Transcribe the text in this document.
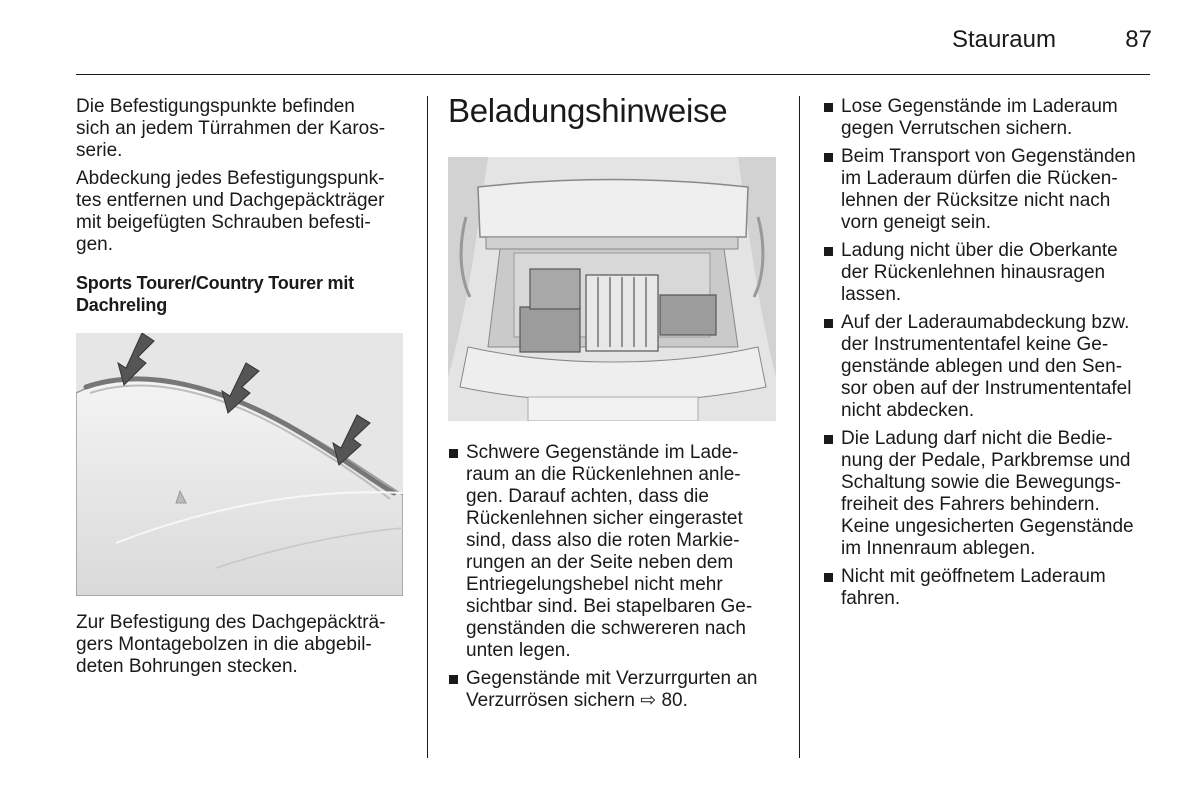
Stauraum	87

Die Befestigungspunkte befinden
sich an jedem Türrahmen der Karos-
serie.

Abdeckung jedes Befestigungspunk-
tes entfernen und Dachgepäckträger
mit beigefügten Schrauben befesti-
gen.

Sports Tourer/Country Tourer mit
Dachreling

Zur Befestigung des Dachgepäckträ-
gers Montagebolzen in die abgebil-
deten Bohrungen stecken.

Beladungshinweise
Schwere Gegenstände im Lade-
raum an die Rückenlehnen anle-
gen. Darauf achten, dass die
Rückenlehnen sicher eingerastet
sind, dass also die roten Markie-
rungen an der Seite neben dem
Entriegelungshebel nicht mehr
sichtbar sind. Bei stapelbaren Ge-
genständen die schwereren nach
unten legen.
Gegenstände mit Verzurrgurten an
Verzurrösen sichern ⇨ 80.
Lose Gegenstände im Laderaum
gegen Verrutschen sichern.
Beim Transport von Gegenständen
im Laderaum dürfen die Rücken-
lehnen der Rücksitze nicht nach
vorn geneigt sein.
Ladung nicht über die Oberkante
der Rückenlehnen hinausragen
lassen.
Auf der Laderaumabdeckung bzw.
der Instrumententafel keine Ge-
genstände ablegen und den Sen-
sor oben auf der Instrumententafel
nicht abdecken.
Die Ladung darf nicht die Bedie-
nung der Pedale, Parkbremse und
Schaltung sowie die Bewegungs-
freiheit des Fahrers behindern.
Keine ungesicherten Gegenstände
im Innenraum ablegen.
Nicht mit geöffnetem Laderaum
fahren.
